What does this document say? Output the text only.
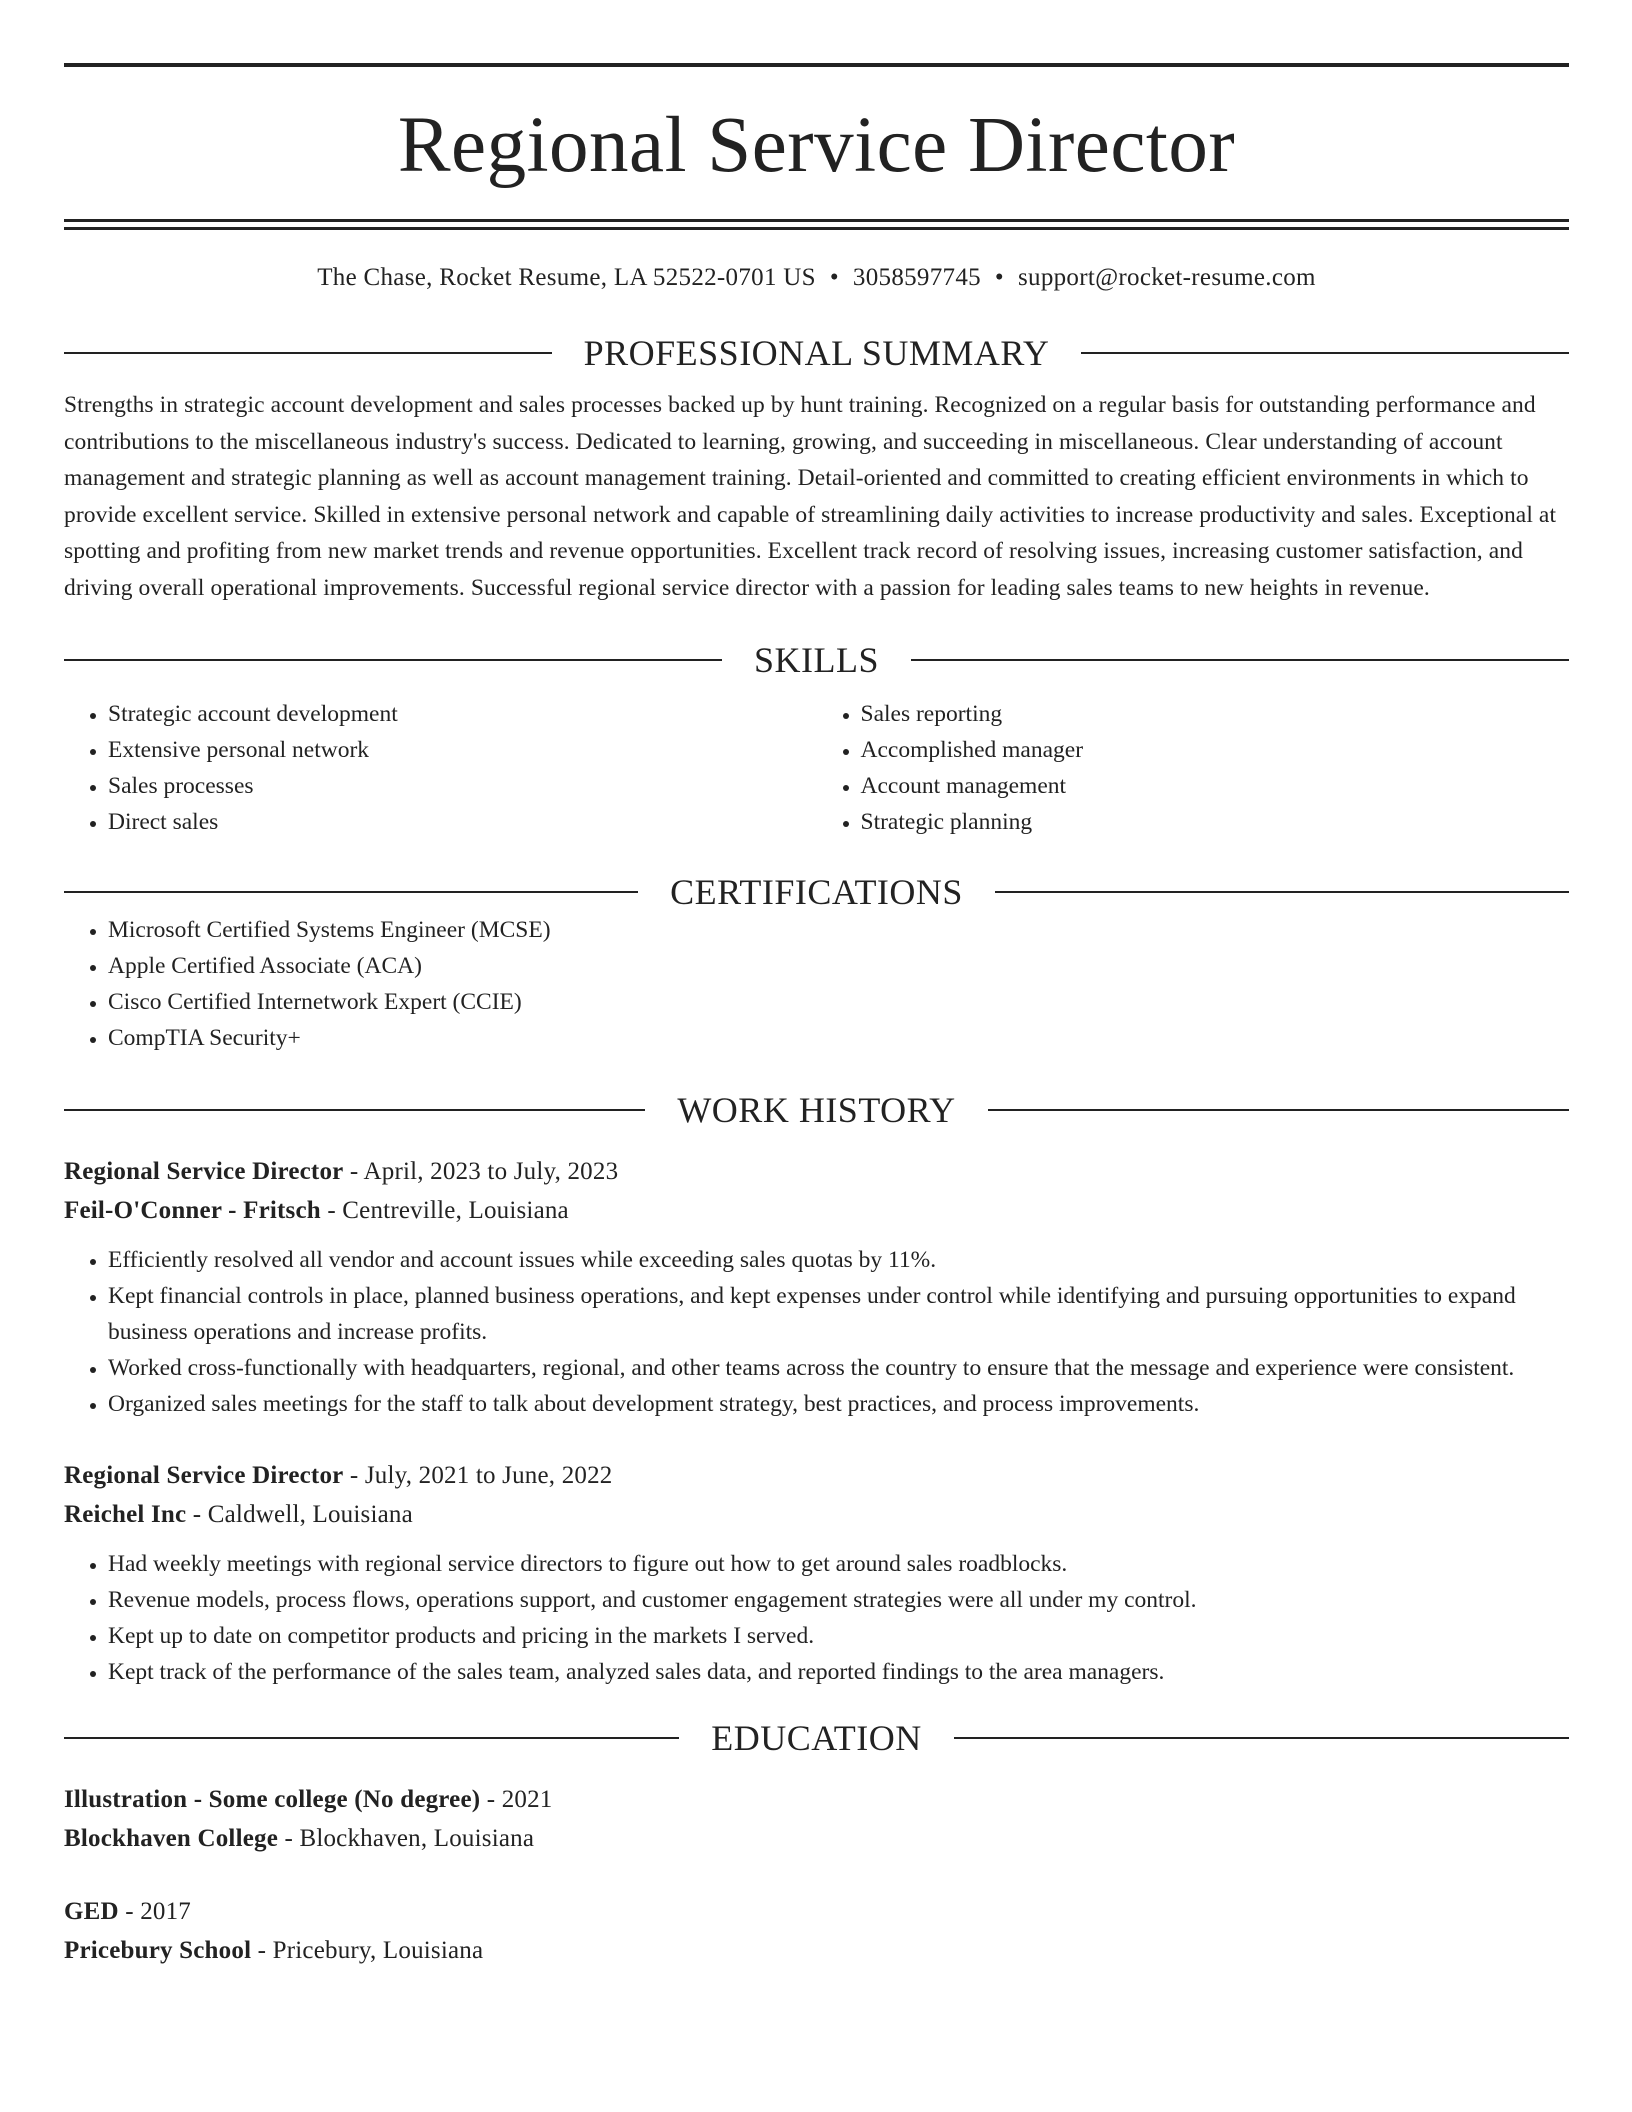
Regional Service Director
The Chase, Rocket Resume, LA 52522-0701 US • 3058597745 • support@rocket-resume.com
PROFESSIONAL SUMMARY

Strengths in strategic account development and sales processes backed up by hunt training. Recognized on a regular basis for outstanding performance and contributions to the miscellaneous industry's success. Dedicated to learning, growing, and succeeding in miscellaneous. Clear understanding of account management and strategic planning as well as account management training. Detail-oriented and committed to creating efficient environments in which to provide excellent service. Skilled in extensive personal network and capable of streamlining daily activities to increase productivity and sales. Exceptional at spotting and profiting from new market trends and revenue opportunities. Excellent track record of resolving issues, increasing customer satisfaction, and driving overall operational improvements. Successful regional service director with a passion for leading sales teams to new heights in revenue.

SKILLS
• Strategic account development
• Extensive personal network
• Sales processes
• Direct sales
• Sales reporting
• Accomplished manager
• Account management
• Strategic planning
CERTIFICATIONS
• Microsoft Certified Systems Engineer (MCSE)
• Apple Certified Associate (ACA)
• Cisco Certified Internetwork Expert (CCIE)
• CompTIA Security+
WORK HISTORY
Regional Service Director - April, 2023 to July, 2023
Feil-O'Conner - Fritsch - Centreville, Louisiana
• Efficiently resolved all vendor and account issues while exceeding sales quotas by 11%.
• Kept financial controls in place, planned business operations, and kept expenses under control while identifying and pursuing opportunities to expand business operations and increase profits.
• Worked cross-functionally with headquarters, regional, and other teams across the country to ensure that the message and experience were consistent.
• Organized sales meetings for the staff to talk about development strategy, best practices, and process improvements.
Regional Service Director - July, 2021 to June, 2022
Reichel Inc - Caldwell, Louisiana
• Had weekly meetings with regional service directors to figure out how to get around sales roadblocks.
• Revenue models, process flows, operations support, and customer engagement strategies were all under my control.
• Kept up to date on competitor products and pricing in the markets I served.
• Kept track of the performance of the sales team, analyzed sales data, and reported findings to the area managers.
EDUCATION
Illustration - Some college (No degree) - 2021
Blockhaven College - Blockhaven, Louisiana
GED - 2017
Pricebury School - Pricebury, Louisiana
